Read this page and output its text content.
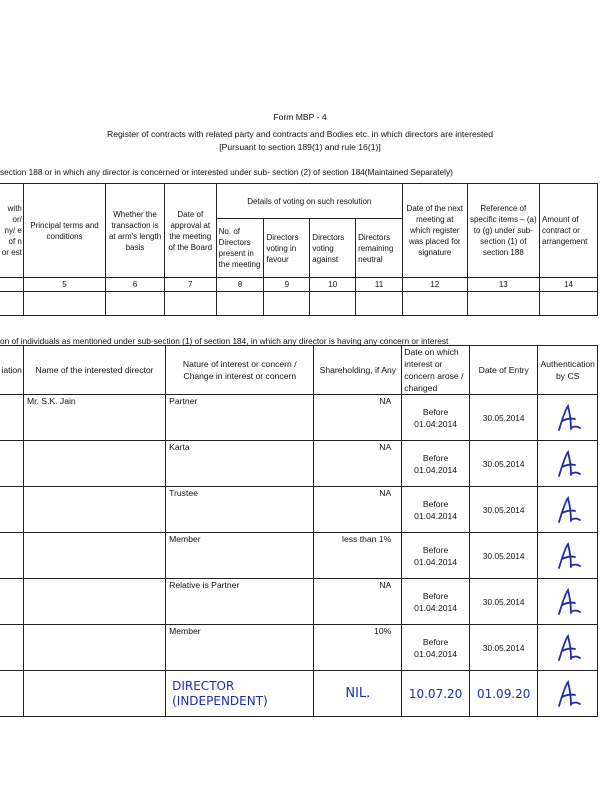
Form MBP - 4
Register of contracts with related party and contracts and Bodies etc. in which directors are interested
[Pursuant to section 189(1) and rule 16(1)]
section 188 or in which any director is concerned or interested under sub- section (2) of section 184(Maintained Separately)
with or/ ny/ e of n or est	Principal terms and conditions	Whether the transaction is at arm's length basis	Date of approval at the meeting of the Board	Details of voting on such resolution				Date of the next meeting at which register was placed for signature	Reference of specific items – (a) to (g) under sub-section (1) of section 188	Amount of contract or arrangement
				No. of Directors present in the meeting	Directors voting in favour	Directors voting against	Directors remaining neutral			
	5	6	7	8	9	10	11	12	13	14

on of individuals as mentioned under sub-section (1) of section 184, in which any director is having any concern or interest
iation	Name of the interested director	Nature of interest or concern / Change in interest or concern	Shareholding, if Any	Date on which interest or concern arose / changed	Date of Entry	Authentication by CS
	Mr. S.K. Jain	Partner	NA	Before
01.04.2014	30.05.2014	

		Karta	NA	Before
01.04.2014	30.05.2014	

		Trustee	NA	Before
01.04.2014	30.05.2014	

		Member	less than 1%	Before
01.04.2014	30.05.2014	

		Relative is Partner	NA	Before
01.04.2014	30.05.2014	

		Member	10%	Before
01.04.2014	30.05.2014	

		DIRECTOR
(INDEPENDENT)	NIL.	10.07.20	01.09.20	
